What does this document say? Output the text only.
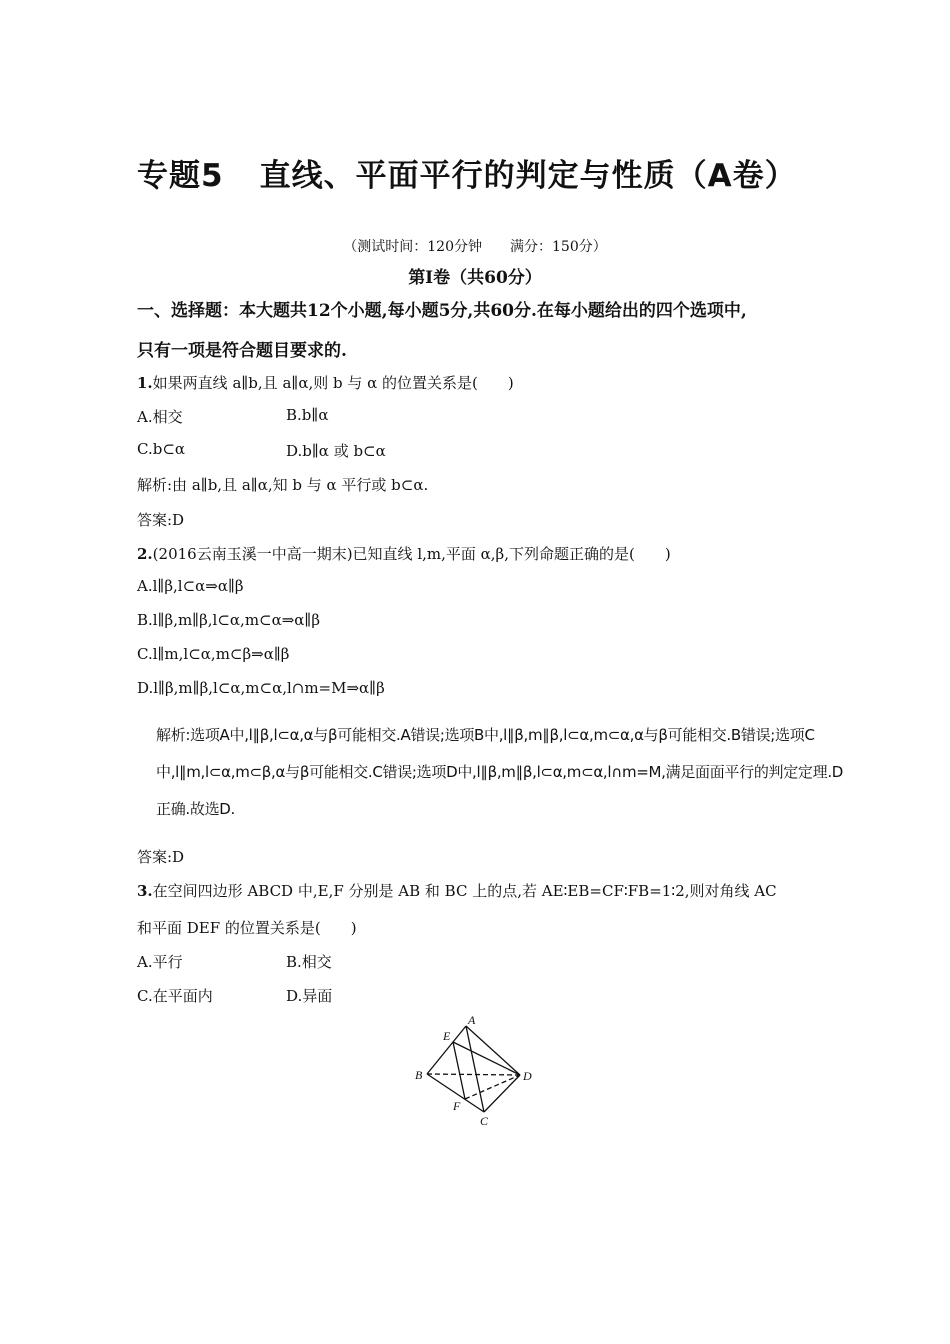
专题5 直线、平面平行的判定与性质（A卷）
（测试时间：120分钟 满分：150分）
第Ⅰ卷（共60分）
一、选择题：本大题共12个小题,每小题5分,共60分.在每小题给出的四个选项中,
只有一项是符合题目要求的.
1.如果两直线 a∥b,且 a∥α,则 b 与 α 的位置关系是(　　)
A.相交	B.b∥α
C.b⊂α	D.b∥α 或 b⊂α
解析:由 a∥b,且 a∥α,知 b 与 α 平行或 b⊂α.
答案:D
2.(2016云南玉溪一中高一期末)已知直线 l,m,平面 α,β,下列命题正确的是(　　)
A.l∥β,l⊂α⇒α∥β
B.l∥β,m∥β,l⊂α,m⊂α⇒α∥β
C.l∥m,l⊂α,m⊂β⇒α∥β
D.l∥β,m∥β,l⊂α,m⊂α,l∩m=M⇒α∥β
解析:选项A中,l∥β,l⊂α,α与β可能相交.A错误;选项B中,l∥β,m∥β,l⊂α,m⊂α,α与β可能相交.B错误;选项C
中,l∥m,l⊂α,m⊂β,α与β可能相交.C错误;选项D中,l∥β,m∥β,l⊂α,m⊂α,l∩m=M,满足面面平行的判定定理.D
正确.故选D.
答案:D
3.在空间四边形 ABCD 中,E,F 分别是 AB 和 BC 上的点,若 AE∶EB=CF∶FB=1∶2,则对角线 AC
和平面 DEF 的位置关系是(　　)
A.平行	B.相交
C.在平面内	D.异面
A
B
C
D
E
F
